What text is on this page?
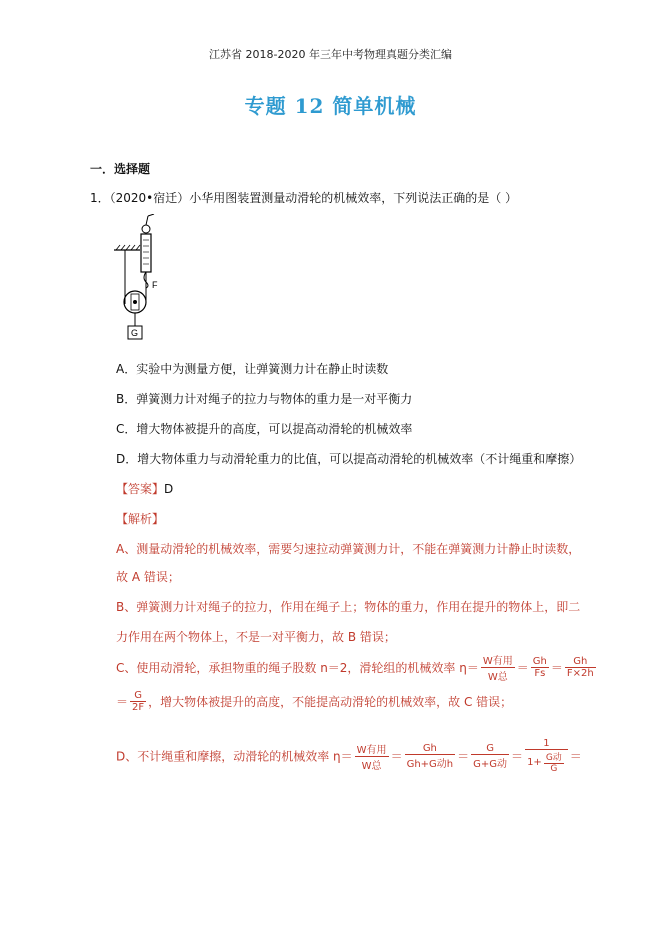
江苏省 2018-2020 年三年中考物理真题分类汇编
专题 12 简单机械
一．选择题
1．（2020•宿迁）小华用图装置测量动滑轮的机械效率，下列说法正确的是（ ）
F
G
A．实验中为测量方便，让弹簧测力计在静止时读数
B．弹簧测力计对绳子的拉力与物体的重力是一对平衡力
C．增大物体被提升的高度，可以提高动滑轮的机械效率
D．增大物体重力与动滑轮重力的比值，可以提高动滑轮的机械效率（不计绳重和摩擦）
【答案】D
【解析】
A、测量动滑轮的机械效率，需要匀速拉动弹簧测力计，不能在弹簧测力计静止时读数，
故 A 错误；
B、弹簧测力计对绳子的拉力，作用在绳子上；物体的重力，作用在提升的物体上，即二
力作用在两个物体上，不是一对平衡力，故 B 错误；
C、使用动滑轮，承担物重的绳子股数 n＝2，滑轮组的机械效率 $\eta= \frac{\text{W有用}}{\text{W总}} = \frac{Gh}{Fs} = \frac{Gh}{F\times 2h}$
＝ $\frac{G}{2F}$ ，增大物体被提升的高度，不能提高动滑轮的机械效率，故 C 错误；
D、不计绳重和摩擦，动滑轮的机械效率 $\eta= \frac{\text{W有用}}{\text{W总}} = \frac{Gh}{\text{Gh+G动h}} = \frac{G}{\text{G+G动}} = \frac{1}{1+ \frac{\text{G动}}{G}}$ ＝
